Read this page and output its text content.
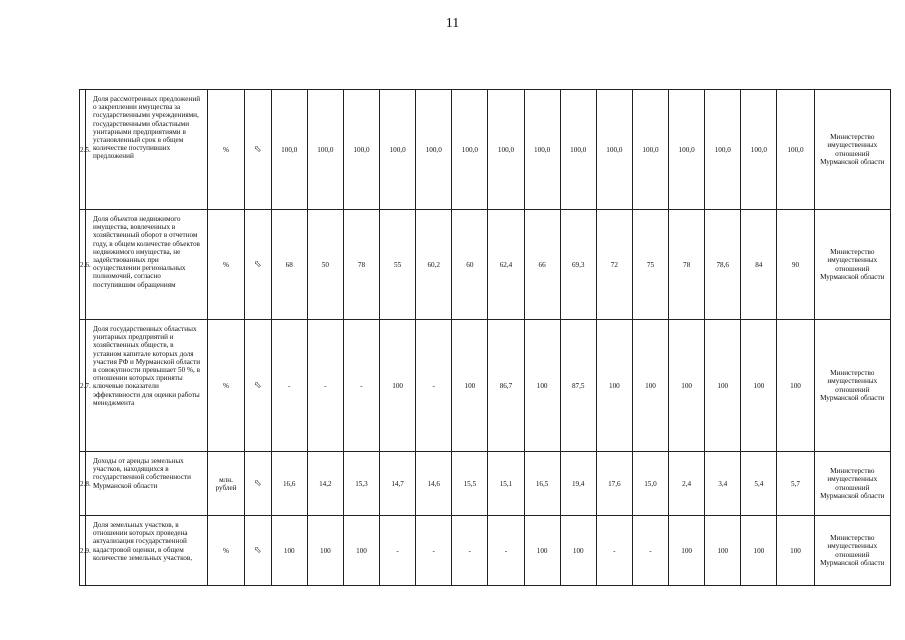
11
2.5.	Доля рассмотренных предложений о закреплении имущества за государственными учреждениями, государственными областными унитарными предприятиями в установленный срок в общем количестве поступивших предложений	%	⇧	100,0	100,0	100,0	100,0	100,0	100,0	100,0	100,0	100,0	100,0	100,0	100,0	100,0	100,0	100,0	Министерство имущественных отношений Мурманской области
2.6.	Доля объектов недвижимого имущества, вовлеченных в хозяйственный оборот в отчетном году, в общем количестве объектов недвижимого имущества, не задействованных при осуществлении региональных полномочий, согласно поступившим обращениям	%	⇧	68	50	78	55	60,2	60	62,4	66	69,3	72	75	78	78,6	84	90	Министерство имущественных отношений Мурманской области
2.7.	Доля государственных областных унитарных предприятий и хозяйственных обществ, в уставном капитале которых доля участия РФ и Мурманской области в совокупности превышает 50 %, в отношении которых приняты ключевые показатели эффективности для оценки работы менеджмента	%	⇧	-	-	-	100	-	100	86,7	100	87,5	100	100	100	100	100	100	Министерство имущественных отношений Мурманской области
2.8.	Доходы от аренды земельных участков, находящихся в государственной собственности Мурманской области	млн. рублей	⇧	16,6	14,2	15,3	14,7	14,6	15,5	15,1	16,5	19,4	17,6	15,0	2,4	3,4	5,4	5,7	Министерство имущественных отношений Мурманской области
2.9.	Доля земельных участков, в отношении которых проведена актуализация государственной кадастровой оценки, в общем количестве земельных участков,	%	⇧	100	100	100	-	-	-	-	100	100	-	-	100	100	100	100	Министерство имущественных отношений Мурманской области
